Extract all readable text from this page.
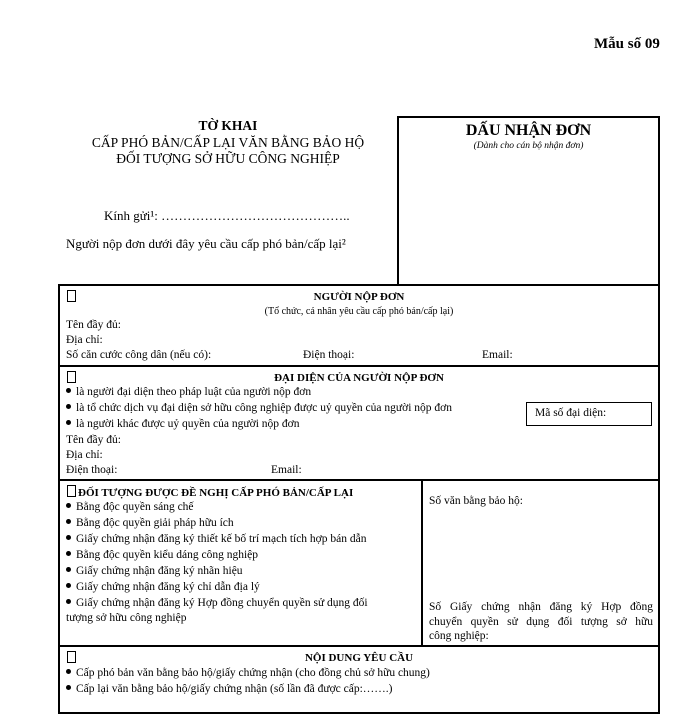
Mẫu số 09
TỜ KHAI
CẤP PHÓ BẢN/CẤP LẠI VĂN BẰNG BẢO HỘ
ĐỐI TƯỢNG SỞ HỮU CÔNG NGHIỆP
Kính gửi¹: ……………………………………..
Người nộp đơn dưới đây yêu cầu cấp phó bản/cấp lại²
DẤU NHẬN ĐƠN
(Dành cho cán bộ nhận đơn)
NGƯỜI NỘP ĐƠN
(Tổ chức, cá nhân yêu cầu cấp phó bản/cấp lại)
Tên đầy đủ:
Địa chỉ:
Số căn cước công dân (nếu có):	Điện thoại:	Email:
ĐẠI DIỆN CỦA NGƯỜI NỘP ĐƠN
là người đại diện theo pháp luật của người nộp đơn
là tổ chức dịch vụ đại diện sở hữu công nghiệp được uỷ quyền của người nộp đơn
là người khác được uỷ quyền của người nộp đơn
Mã số đại diện:
Tên đầy đủ:
Địa chỉ:
Điện thoại:	Email:
ĐỐI TƯỢNG ĐƯỢC ĐỀ NGHỊ CẤP PHÓ BẢN/CẤP LẠI
Bằng độc quyền sáng chế
Bằng độc quyền giải pháp hữu ích
Giấy chứng nhận đăng ký thiết kế bố trí mạch tích hợp bán dẫn
Bằng độc quyền kiểu dáng công nghiệp
Giấy chứng nhận đăng ký nhãn hiệu
Giấy chứng nhận đăng ký chỉ dẫn địa lý
Giấy chứng nhận đăng ký Hợp đồng chuyển quyền sử dụng đối
tượng sở hữu công nghiệp
Số văn bằng bảo hộ:
Số Giấy chứng nhận đăng ký Hợp đồng
chuyển quyền sử dụng đối tượng sở hữu
công nghiệp:
NỘI DUNG YÊU CẦU
Cấp phó bản văn bằng bảo hộ/giấy chứng nhận (cho đồng chủ sở hữu chung)
Cấp lại văn bằng bảo hộ/giấy chứng nhận (số lần đã được cấp:…….)
